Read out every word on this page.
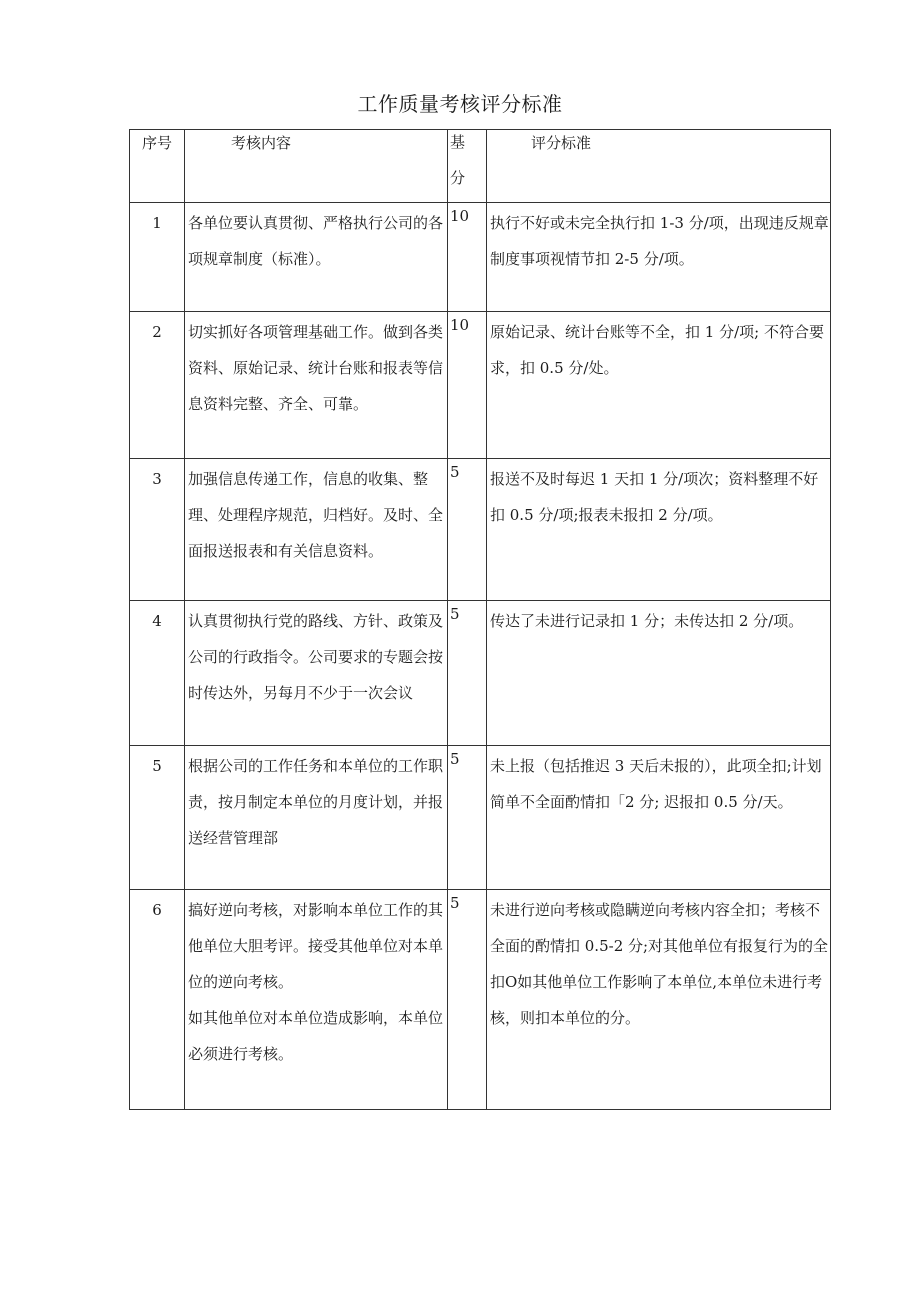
工作质量考核评分标准
序号	考核内容	基分	评分标准

1	各单位要认真贯彻、严格执行公司的各项规章制度（标准）。	10	执行不好或未完全执行扣 1-3 分/项，出现违反规章制度事项视情节扣 2-5 分/项。

2	切实抓好各项管理基础工作。做到各类资料、原始记录、统计台账和报表等信息资料完整、齐全、可靠。	10	原始记录、统计台账等不全，扣 1 分/项; 不符合要求，扣 0.5 分/处。

3	加强信息传递工作，信息的收集、整理、处理程序规范，归档好。及时、全面报送报表和有关信息资料。	5	报送不及时每迟 1 天扣 1 分/项次；资料整理不好扣 0.5 分/项;报表未报扣 2 分/项。

4	认真贯彻执行党的路线、方针、政策及公司的行政指令。公司要求的专题会按时传达外，另每月不少于一次会议	5	传达了未进行记录扣 1 分；未传达扣 2 分/项。

5	根据公司的工作任务和本单位的工作职责，按月制定本单位的月度计划，并报送经营管理部	5	未上报（包括推迟 3 天后未报的），此项全扣;计划简单不全面酌情扣「2 分; 迟报扣 0.5 分/天。

6	搞好逆向考核，对影响本单位工作的其他单位大胆考评。接受其他单位对本单位的逆向考核。
如其他单位对本单位造成影响，本单位必须进行考核。	5	未进行逆向考核或隐瞒逆向考核内容全扣；考核不全面的酌情扣 0.5-2 分;对其他单位有报复行为的全扣O如其他单位工作影响了本单位,本单位未进行考核，则扣本单位的分。
